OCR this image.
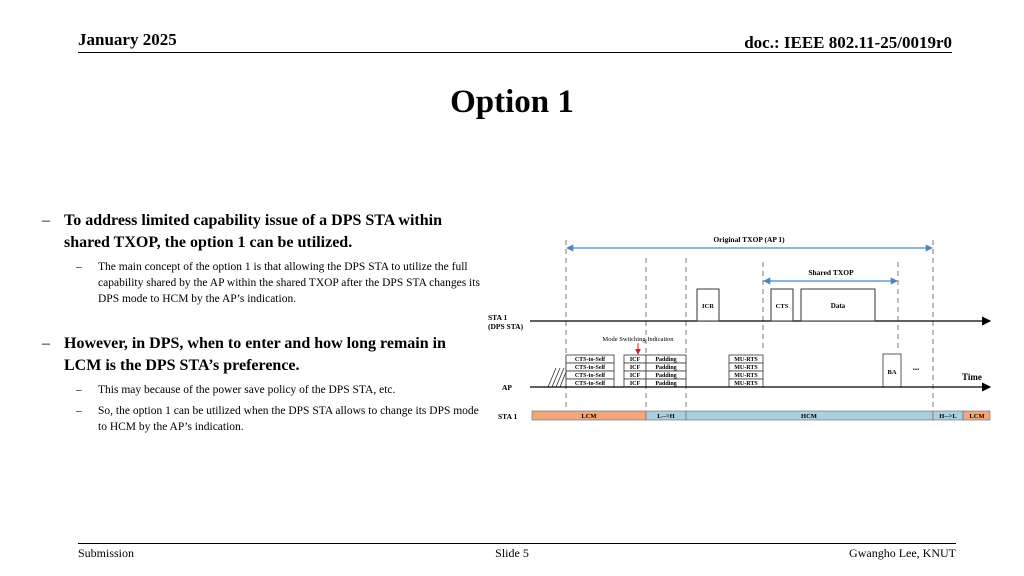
January 2025	doc.: IEEE 802.11-25/0019r0
Option 1
– To address limited capability issue of a DPS STA within shared TXOP, the option 1 can be utilized.
– The main concept of the option 1 is that allowing the DPS STA to utilize the full capability shared by the AP within the shared TXOP after the DPS STA changes its DPS mode to HCM by the AP’s indication.
– However, in DPS, when to enter and how long remain in LCM is the DPS STA’s preference.
– This may because of the power save policy of the DPS STA, etc.
– So, the option 1 can be utilized when the DPS STA allows to change its DPS mode to HCM by the AP’s indication.
Original TXOP (AP 1)
Shared TXOP
STA 1
(DPS STA)
ICR	CTS	Data
Mode Switching Indication
CTS-to-Self
CTS-to-Self
CTS-to-Self
CTS-to-Self
ICF
ICF
ICF
ICF
Padding
Padding
Padding
Padding
MU-RTS
MU-RTS
MU-RTS
MU-RTS
BA
...
AP
Time
STA 1	LCM	L-->H	HCM	H-->L LCM
Submission	Slide 5	Gwangho Lee, KNUT
